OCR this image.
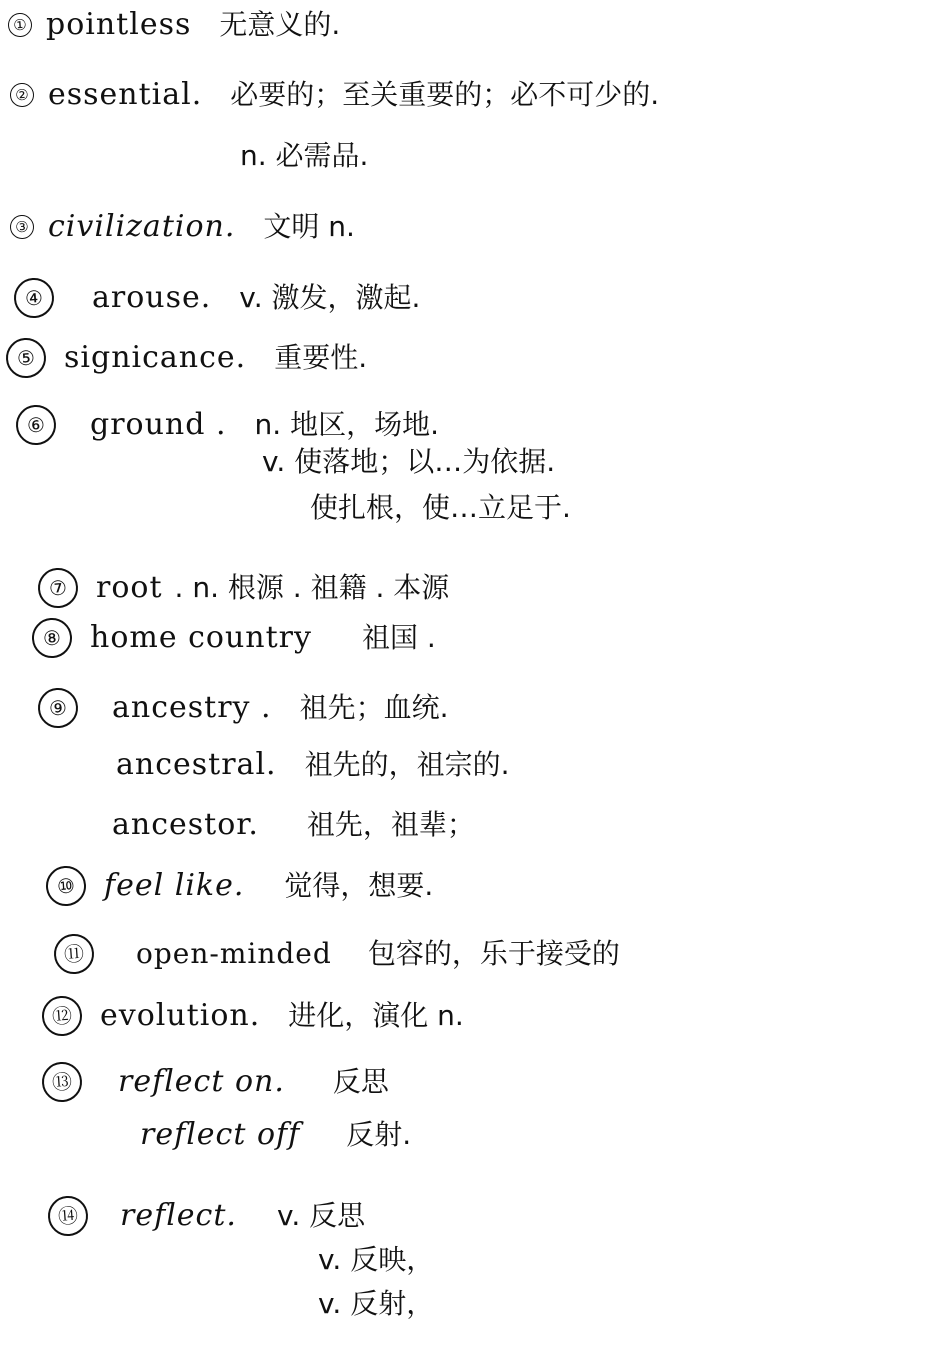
① pointless 无意义的.
② essential. 必要的；至关重要的；必不可少的.
n. 必需品.
③ civilization. 文明 n.
④ arouse. v. 激发，激起.
⑤ signicance. 重要性.
⑥ ground . n. 地区，场地.
v. 使落地；以…为依据.
使扎根，使…立足于.
⑦ root . n. 根源 . 祖籍 . 本源
⑧ home country 祖国 .
⑨ ancestry . 祖先；血统.
ancestral. 祖先的，祖宗的.
ancestor. 祖先，祖辈；
⑩ feel like. 觉得，想要.
⑪ open-minded 包容的，乐于接受的
⑫ evolution. 进化，演化 n.
⑬ reflect on. 反思
reflect off 反射.
⑭ reflect. v. 反思
v. 反映，
v. 反射，
